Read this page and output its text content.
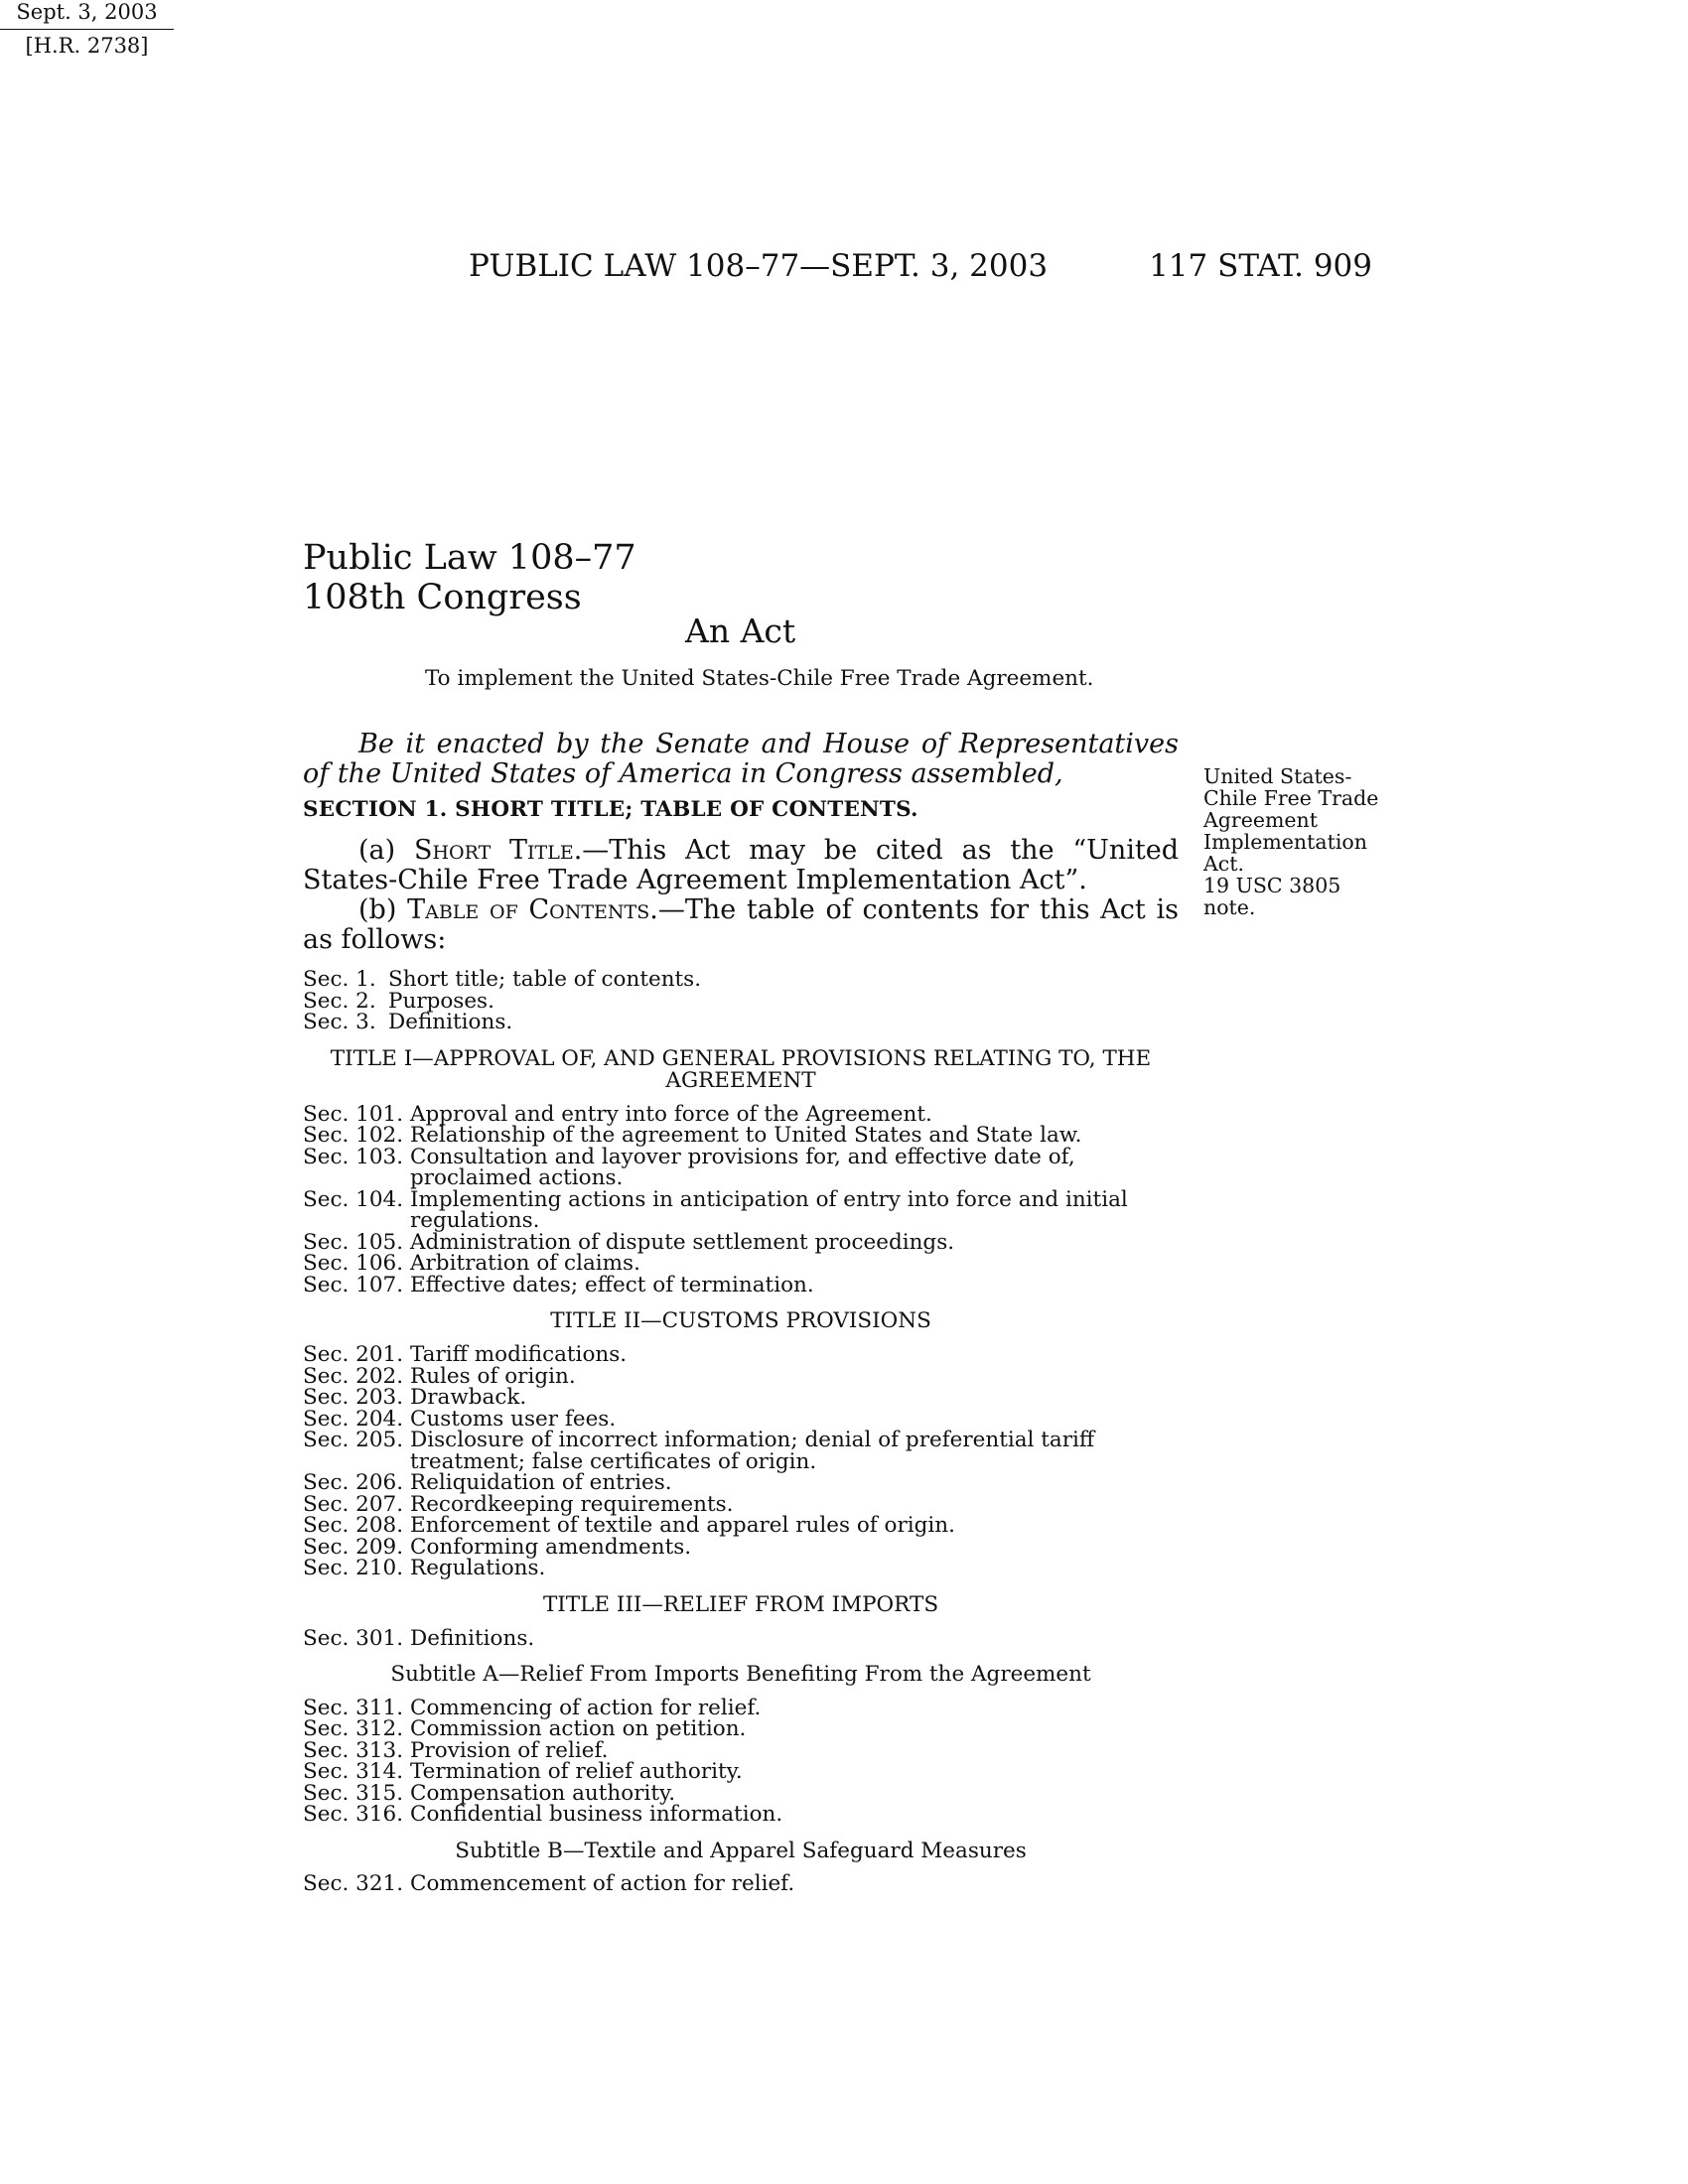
PUBLIC LAW 108–77—SEPT. 3, 2003	117 STAT. 909

Public Law 108–77

108th Congress

An Act

To implement the United States-Chile Free Trade Agreement.

Sept. 3, 2003
[H.R. 2738]
United States-
Chile Free Trade
Agreement
Implementation
Act.
19 USC 3805
note.

Be it enacted by the Senate and House of Representatives of the United States of America in Congress assembled,

SECTION 1. SHORT TITLE; TABLE OF CONTENTS.

(a) Short Title.—This Act may be cited as the “United States-Chile Free Trade Agreement Implementation Act”.

(b) Table of Contents.—The table of contents for this Act is as follows:

Sec. 1. Short title; table of contents.
Sec. 2. Purposes.
Sec. 3. Definitions.
TITLE I—APPROVAL OF, AND GENERAL PROVISIONS RELATING TO, THE AGREEMENT
Sec. 101. Approval and entry into force of the Agreement.
Sec. 102. Relationship of the agreement to United States and State law.
Sec. 103. Consultation and layover provisions for, and effective date of, proclaimed actions.
Sec. 104. Implementing actions in anticipation of entry into force and initial regulations.
Sec. 105. Administration of dispute settlement proceedings.
Sec. 106. Arbitration of claims.
Sec. 107. Effective dates; effect of termination.
TITLE II—CUSTOMS PROVISIONS
Sec. 201. Tariff modifications.
Sec. 202. Rules of origin.
Sec. 203. Drawback.
Sec. 204. Customs user fees.
Sec. 205. Disclosure of incorrect information; denial of preferential tariff treatment; false certificates of origin.
Sec. 206. Reliquidation of entries.
Sec. 207. Recordkeeping requirements.
Sec. 208. Enforcement of textile and apparel rules of origin.
Sec. 209. Conforming amendments.
Sec. 210. Regulations.
TITLE III—RELIEF FROM IMPORTS
Sec. 301. Definitions.
Subtitle A—Relief From Imports Benefiting From the Agreement
Sec. 311. Commencing of action for relief.
Sec. 312. Commission action on petition.
Sec. 313. Provision of relief.
Sec. 314. Termination of relief authority.
Sec. 315. Compensation authority.
Sec. 316. Confidential business information.
Subtitle B—Textile and Apparel Safeguard Measures
Sec. 321. Commencement of action for relief.
